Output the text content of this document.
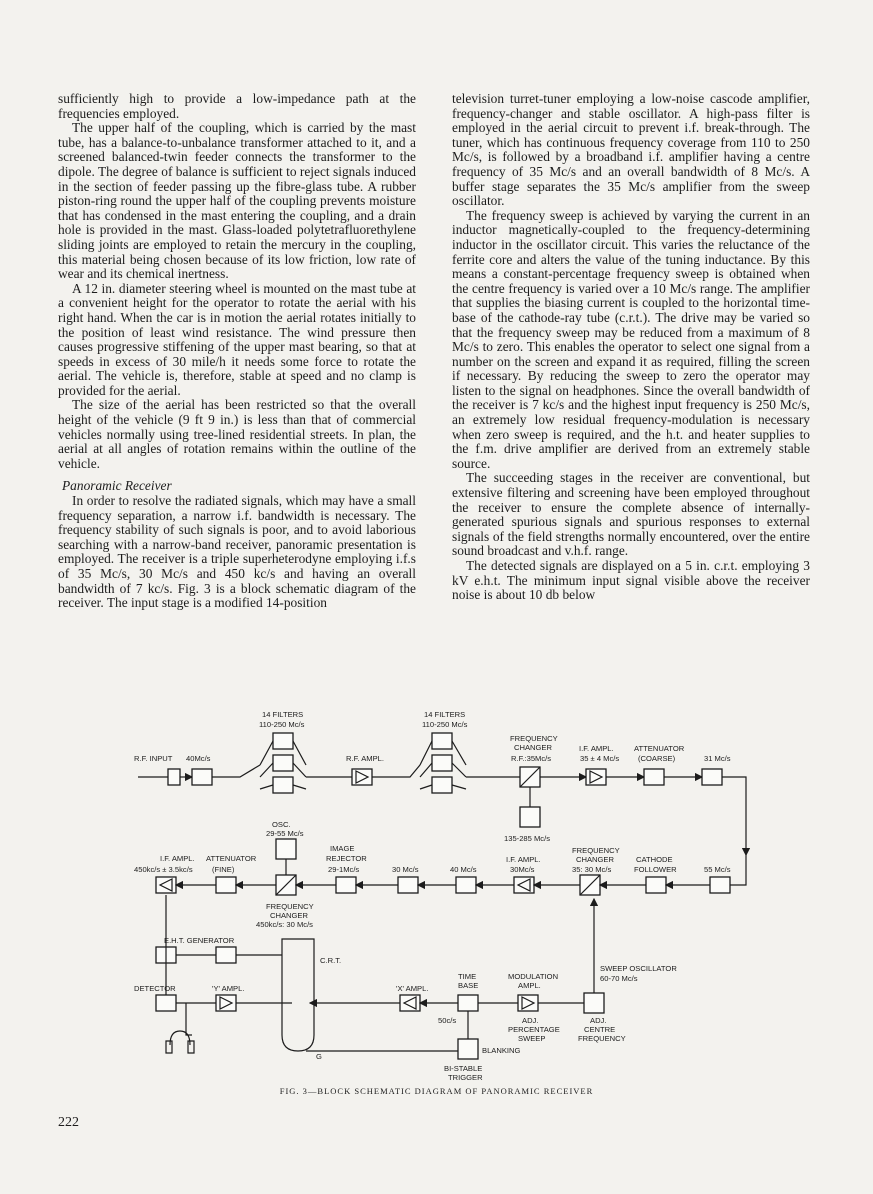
sufficiently high to provide a low-impedance path at the frequencies employed.

The upper half of the coupling, which is carried by the mast tube, has a balance-to-unbalance transformer attached to it, and a screened balanced-twin feeder connects the transformer to the dipole. The degree of balance is sufficient to reject signals induced in the section of feeder passing up the fibre-glass tube. A rubber piston-ring round the upper half of the coupling prevents moisture that has condensed in the mast entering the coupling, and a drain hole is provided in the mast. Glass-loaded polytetrafluorethylene sliding joints are employed to retain the mercury in the coupling, this material being chosen because of its low friction, low rate of wear and its chemical inertness.

A 12 in. diameter steering wheel is mounted on the mast tube at a convenient height for the operator to rotate the aerial with his right hand. When the car is in motion the aerial rotates initially to the position of least wind resistance. The wind pressure then causes progressive stiffening of the upper mast bearing, so that at speeds in excess of 30 mile/h it needs some force to rotate the aerial. The vehicle is, therefore, stable at speed and no clamp is provided for the aerial.

The size of the aerial has been restricted so that the overall height of the vehicle (9 ft 9 in.) is less than that of commercial vehicles normally using tree-lined residential streets. In plan, the aerial at all angles of rotation remains within the outline of the vehicle.

Panoramic Receiver

In order to resolve the radiated signals, which may have a small frequency separation, a narrow i.f. bandwidth is necessary. The frequency stability of such signals is poor, and to avoid laborious searching with a narrow-band receiver, panoramic presentation is employed. The receiver is a triple superheterodyne employing i.f.s of 35 Mc/s, 30 Mc/s and 450 kc/s and having an overall bandwidth of 7 kc/s. Fig. 3 is a block schematic diagram of the receiver. The input stage is a modified 14-position

television turret-tuner employing a low-noise cascode amplifier, frequency-changer and stable oscillator. A high-pass filter is employed in the aerial circuit to prevent i.f. break-through. The tuner, which has continuous frequency coverage from 110 to 250 Mc/s, is followed by a broadband i.f. amplifier having a centre frequency of 35 Mc/s and an overall bandwidth of 8 Mc/s. A buffer stage separates the 35 Mc/s amplifier from the sweep oscillator.

The frequency sweep is achieved by varying the current in an inductor magnetically-coupled to the frequency-determining inductor in the oscillator circuit. This varies the reluctance of the ferrite core and alters the value of the tuning inductance. By this means a constant-percentage frequency sweep is obtained when the centre frequency is varied over a 10 Mc/s range. The amplifier that supplies the biasing current is coupled to the horizontal time-base of the cathode-ray tube (c.r.t.). The drive may be varied so that the frequency sweep may be reduced from a maximum of 8 Mc/s to zero. This enables the operator to select one signal from a number on the screen and expand it as required, filling the screen if necessary. By reducing the sweep to zero the operator may listen to the signal on headphones. Since the overall bandwidth of the receiver is 7 kc/s and the highest input frequency is 250 Mc/s, an extremely low residual frequency-modulation is necessary when zero sweep is required, and the h.t. and heater supplies to the f.m. drive amplifier are derived from an extremely stable source.

The succeeding stages in the receiver are conventional, but extensive filtering and screening have been employed throughout the receiver to ensure the complete absence of internally-generated spurious signals and spurious responses to external signals of the field strengths normally encountered, over the entire sound broadcast and v.h.f. range.

The detected signals are displayed on a 5 in. c.r.t. employing 3 kV e.h.t. The minimum input signal visible above the receiver noise is about 10 db below

14 FILTERS
110-250 Mc/s
14 FILTERS
110-250 Mc/s
R.F. INPUT 40Mc/s	R.F. AMPL.
FREQUENCY
CHANGER
R.F.:35Mc/s
I.F. AMPL.
35 ± 4 Mc/s
ATTENUATOR
(COARSE)	31 Mc/s
135-285 Mc/s
OSC.
29-55 Mc/s
I.F. AMPL.
450kc/s ± 3.5kc/s
ATTENUATOR
(FINE)
IMAGE
REJECTOR
29-1Mc/s	30 Mc/s	40 Mc/s
I.F. AMPL.
30Mc/s
FREQUENCY
CHANGER
35: 30 Mc/s
CATHODE
FOLLOWER	55 Mc/s
FREQUENCY
CHANGER
450kc/s: 30 Mc/s
E.H.T. GENERATOR
C.R.T.
G
DETECTOR	'Y' AMPL.	'X' AMPL.
TIME
BASE
50c/s
MODULATION
AMPL.
ADJ.
PERCENTAGE
SWEEP
SWEEP OSCILLATOR
60-70 Mc/s
ADJ.
CENTRE
FREQUENCY
BLANKING
BI-STABLE
TRIGGER
FIG. 3—BLOCK SCHEMATIC DIAGRAM OF PANORAMIC RECEIVER
222
